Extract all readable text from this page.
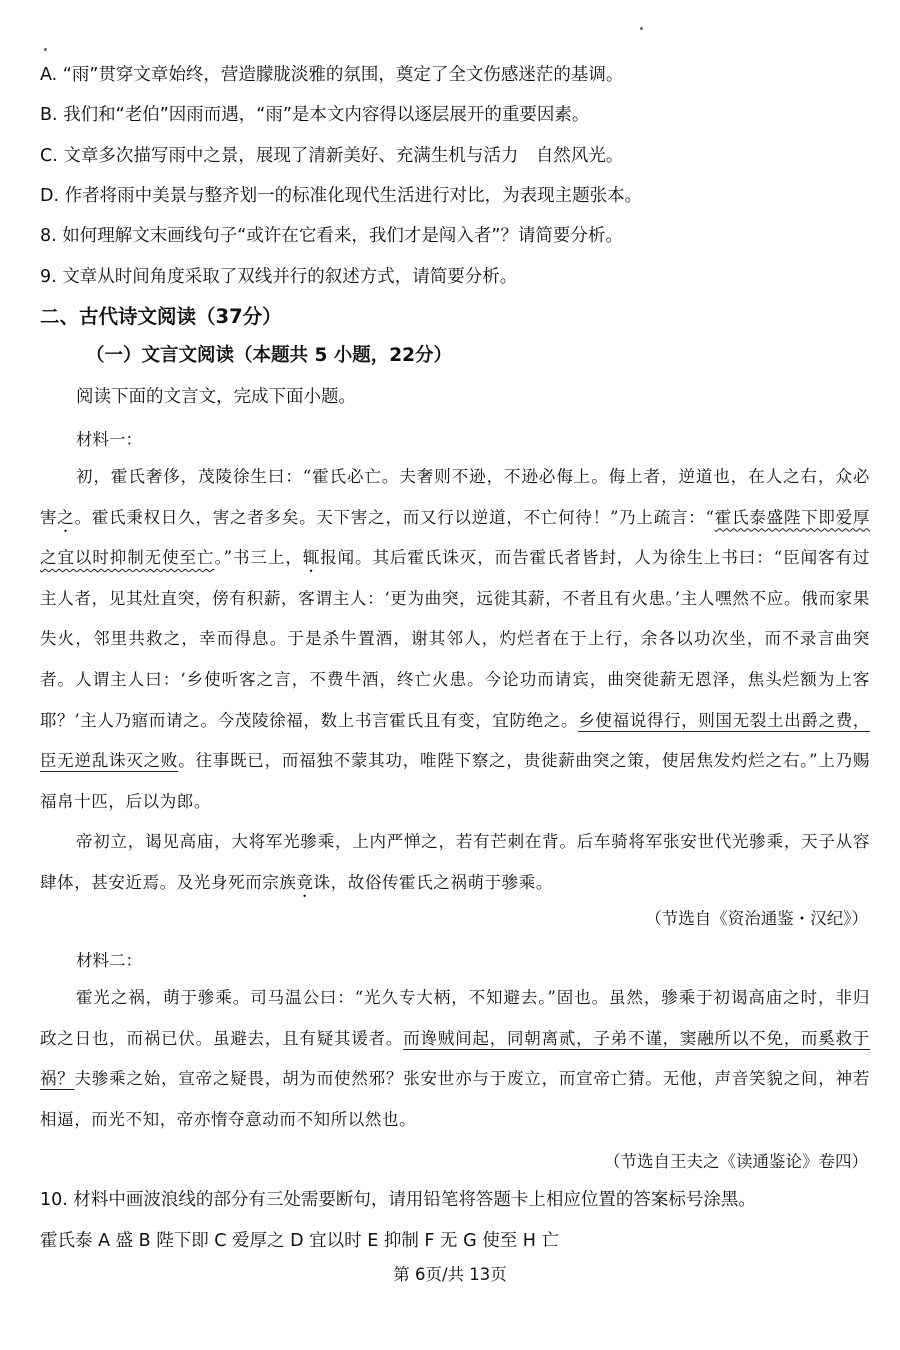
A. “雨”贯穿文章始终，营造朦胧淡雅的氛围，奠定了全文伤感迷茫的基调。
B. 我们和“老伯”因雨而遇，“雨”是本文内容得以逐层展开的重要因素。
C. 文章多次描写雨中之景，展现了清新美好、充满生机与活力　自然风光。
D. 作者将雨中美景与整齐划一的标准化现代生活进行对比，为表现主题张本。
8. 如何理解文末画线句子“或许在它看来，我们才是闯入者”？请简要分析。
9. 文章从时间角度采取了双线并行的叙述方式，请简要分析。
二、古代诗文阅读（37分）
（一）文言文阅读（本题共 5 小题，22分）
阅读下面的文言文，完成下面小题。
材料一：
初，霍氏奢侈，茂陵徐生曰：“霍氏必亡。夫奢则不逊，不逊必侮上。侮上者，逆道也，在人之右，众必害之。霍氏秉权日久，害之者多矣。天下害之，而又行以逆道，不亡何待！”乃上疏言：“霍氏泰盛陛下即爱厚之宜以时抑制无使至亡。”书三上，辄报闻。其后霍氏诛灭，而告霍氏者皆封，人为徐生上书曰：“臣闻客有过主人者，见其灶直突，傍有积薪，客谓主人：‘更为曲突，远徙其薪，不者且有火患。’主人嘿然不应。俄而家果失火，邻里共救之，幸而得息。于是杀牛置酒，谢其邻人，灼烂者在于上行，余各以功次坐，而不录言曲突者。人谓主人曰：‘乡使听客之言，不费牛酒，终亡火患。今论功而请宾，曲突徙薪无恩泽，焦头烂额为上客耶？’主人乃寤而请之。今茂陵徐福，数上书言霍氏且有变，宜防绝之。乡使福说得行，则国无裂土出爵之费，臣无逆乱诛灭之败。往事既已，而福独不蒙其功，唯陛下察之，贵徙薪曲突之策，使居焦发灼烂之右。”上乃赐福帛十匹，后以为郎。
帝初立，谒见高庙，大将军光骖乘，上内严惮之，若有芒刺在背。后车骑将军张安世代光骖乘，天子从容肆体，甚安近焉。及光身死而宗族竟诛，故俗传霍氏之祸萌于骖乘。
（节选自《资治通鉴・汉纪》）
材料二：
霍光之祸，萌于骖乘。司马温公曰：“光久专大柄，不知避去。”固也。虽然，骖乘于初谒高庙之时，非归政之日也，而祸已伏。虽避去，且有疑其谖者。而谗贼间起，同朝离贰，子弟不谨，窦融所以不免，而奚救于祸？夫骖乘之始，宣帝之疑畏，胡为而使然邪？张安世亦与于废立，而宣帝亡猜。无他，声音笑貌之间，神若相逼，而光不知，帝亦惰夺意动而不知所以然也。
（节选自王夫之《读通鉴论》卷四）
10. 材料中画波浪线的部分有三处需要断句，请用铅笔将答题卡上相应位置的答案标号涂黑。
霍氏泰 A 盛 B 陛下即 C 爱厚之 D 宜以时 E 抑制 F 无 G 使至 H 亡
第 6页/共 13页
